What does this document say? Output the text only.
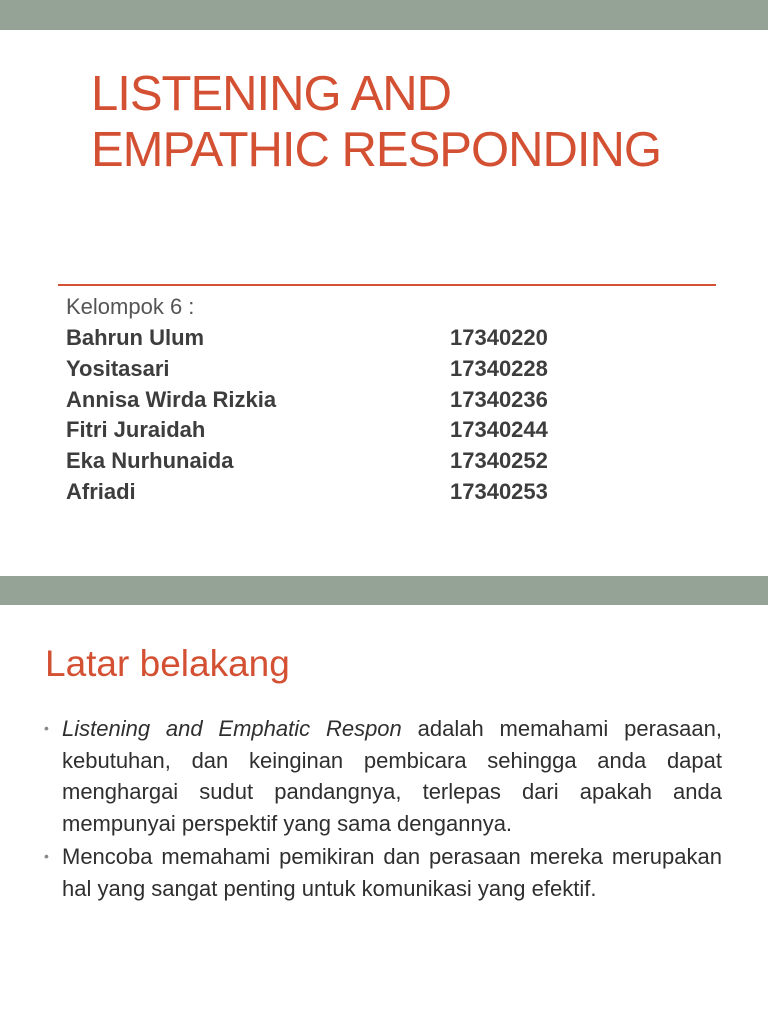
LISTENING AND
EMPATHIC RESPONDING
Kelompok 6 :
Bahrun Ulum	17340220
Yositasari	17340228
Annisa Wirda Rizkia	17340236
Fitri Juraidah	17340244
Eka Nurhunaida	17340252
Afriadi	17340253
Latar belakang
• Listening and Emphatic Respon adalah memahami perasaan, kebutuhan, dan keinginan pembicara sehingga anda dapat menghargai sudut pandangnya, terlepas dari apakah anda mempunyai perspektif yang sama dengannya.
• Mencoba memahami pemikiran dan perasaan mereka merupakan hal yang sangat penting untuk komunikasi yang efektif.
